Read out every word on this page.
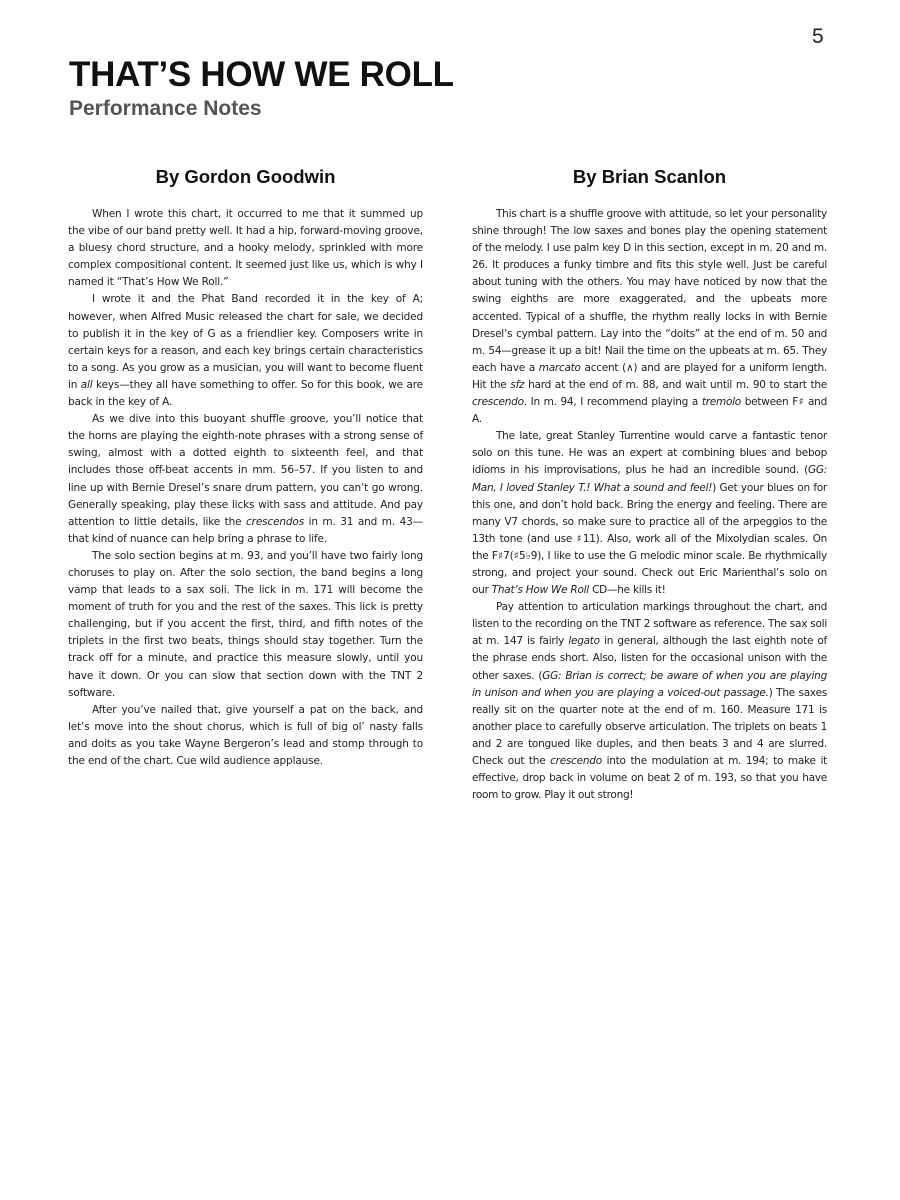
5
THAT’S HOW WE ROLL
Performance Notes
By Gordon Goodwin

When I wrote this chart, it occurred to me that it summed up the vibe of our band pretty well. It had a hip, forward-moving groove, a bluesy chord structure, and a hooky melody, sprinkled with more complex compositional content. It seemed just like us, which is why I named it “That’s How We Roll.”

I wrote it and the Phat Band recorded it in the key of A; however, when Alfred Music released the chart for sale, we decided to publish it in the key of G as a friendlier key. Composers write in certain keys for a reason, and each key brings certain characteristics to a song. As you grow as a musician, you will want to become fluent in all keys—they all have something to offer. So for this book, we are back in the key of A.

As we dive into this buoyant shuffle groove, you’ll notice that the horns are playing the eighth-note phrases with a strong sense of swing, almost with a dotted eighth to sixteenth feel, and that includes those off-beat accents in mm. 56–57. If you listen to and line up with Bernie Dresel’s snare drum pattern, you can’t go wrong. Generally speaking, play these licks with sass and attitude. And pay attention to little details, like the crescendos in m. 31 and m. 43—that kind of nuance can help bring a phrase to life.

The solo section begins at m. 93, and you’ll have two fairly long choruses to play on. After the solo section, the band begins a long vamp that leads to a sax soli. The lick in m. 171 will become the moment of truth for you and the rest of the saxes. This lick is pretty challenging, but if you accent the first, third, and fifth notes of the triplets in the first two beats, things should stay together. Turn the track off for a minute, and practice this measure slowly, until you have it down. Or you can slow that section down with the TNT 2 software.

After you’ve nailed that, give yourself a pat on the back, and let’s move into the shout chorus, which is full of big ol’ nasty falls and doits as you take Wayne Bergeron’s lead and stomp through to the end of the chart. Cue wild audience applause.

By Brian Scanlon

This chart is a shuffle groove with attitude, so let your personality shine through! The low saxes and bones play the opening statement of the melody. I use palm key D in this section, except in m. 20 and m. 26. It produces a funky timbre and fits this style well. Just be careful about tuning with the others. You may have noticed by now that the swing eighths are more exaggerated, and the upbeats more accented. Typical of a shuffle, the rhythm really locks in with Bernie Dresel’s cymbal pattern. Lay into the “doits” at the end of m. 50 and m. 54—grease it up a bit! Nail the time on the upbeats at m. 65. They each have a marcato accent (∧) and are played for a uniform length. Hit the sfz hard at the end of m. 88, and wait until m. 90 to start the crescendo. In m. 94, I recommend playing a tremolo between F♯ and A.

The late, great Stanley Turrentine would carve a fantastic tenor solo on this tune. He was an expert at combining blues and bebop idioms in his improvisations, plus he had an incredible sound. (GG: Man, I loved Stanley T.! What a sound and feel!) Get your blues on for this one, and don’t hold back. Bring the energy and feeling. There are many V7 chords, so make sure to practice all of the arpeggios to the 13th tone (and use ♯11). Also, work all of the Mixolydian scales. On the F♯7(♯5♭9), I like to use the G melodic minor scale. Be rhythmically strong, and project your sound. Check out Eric Marienthal’s solo on our That’s How We Roll CD—he kills it!

Pay attention to articulation markings throughout the chart, and listen to the recording on the TNT 2 software as reference. The sax soli at m. 147 is fairly legato in general, although the last eighth note of the phrase ends short. Also, listen for the occasional unison with the other saxes. (GG: Brian is correct; be aware of when you are playing in unison and when you are playing a voiced-out passage.) The saxes really sit on the quarter note at the end of m. 160. Measure 171 is another place to carefully observe articulation. The triplets on beats 1 and 2 are tongued like duples, and then beats 3 and 4 are slurred. Check out the crescendo into the modulation at m. 194; to make it effective, drop back in volume on beat 2 of m. 193, so that you have room to grow. Play it out strong!
